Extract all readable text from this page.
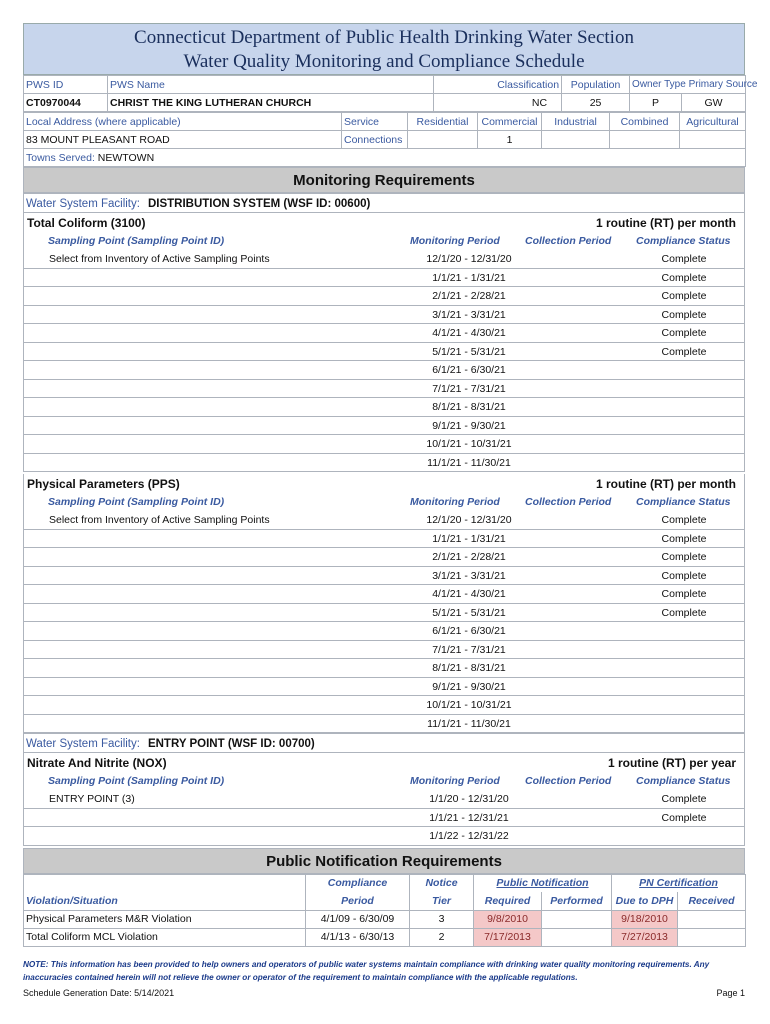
Connecticut Department of Public Health Drinking Water Section
Water Quality Monitoring and Compliance Schedule
PWS ID	PWS Name	Classification	Population	Owner Type Primary Source	
CT0970044	CHRIST THE KING LUTHERAN CHURCH	NC	25	P	GW
Local Address (where applicable)	Service	Residential	Commercial	Industrial	Combined	Agricultural
83 MOUNT PLEASANT ROAD	Connections		1			
Towns Served: NEWTOWN						
Monitoring Requirements
Water System Facility: DISTRIBUTION SYSTEM (WSF ID: 00600)
Total Coliform (3100)	1 routine (RT) per month
Sampling Point (Sampling Point ID)	Monitoring Period Collection Period Compliance Status
Select from Inventory of Active Sampling Points	12/1/20 - 12/31/20	Complete
1/1/21 - 1/31/21	Complete
2/1/21 - 2/28/21	Complete
3/1/21 - 3/31/21	Complete
4/1/21 - 4/30/21	Complete
5/1/21 - 5/31/21	Complete
6/1/21 - 6/30/21
7/1/21 - 7/31/21
8/1/21 - 8/31/21
9/1/21 - 9/30/21
10/1/21 - 10/31/21
11/1/21 - 11/30/21
Physical Parameters (PPS)	1 routine (RT) per month
Sampling Point (Sampling Point ID)	Monitoring Period Collection Period Compliance Status
Select from Inventory of Active Sampling Points	12/1/20 - 12/31/20	Complete
1/1/21 - 1/31/21	Complete
2/1/21 - 2/28/21	Complete
3/1/21 - 3/31/21	Complete
4/1/21 - 4/30/21	Complete
5/1/21 - 5/31/21	Complete
6/1/21 - 6/30/21
7/1/21 - 7/31/21
8/1/21 - 8/31/21
9/1/21 - 9/30/21
10/1/21 - 10/31/21
11/1/21 - 11/30/21
Water System Facility: ENTRY POINT (WSF ID: 00700)
Nitrate And Nitrite (NOX)	1 routine (RT) per year
Sampling Point (Sampling Point ID)	Monitoring Period Collection Period Compliance Status
ENTRY POINT (3)	1/1/20 - 12/31/20	Complete
1/1/21 - 12/31/21	Complete
1/1/22 - 12/31/22
Public Notification Requirements
	Compliance	Notice	Public Notification		PN Certification	
Violation/Situation	Period	Tier	Required	Performed	Due to DPH	Received
Physical Parameters M&R Violation	4/1/09 - 6/30/09	3	9/8/2010		9/18/2010	
Total Coliform MCL Violation	4/1/13 - 6/30/13	2	7/17/2013		7/27/2013	
NOTE: This information has been provided to help owners and operators of public water systems maintain compliance with drinking water quality monitoring requirements. Any inaccuracies contained herein will not relieve the owner or operator of the requirement to maintain compliance with the applicable regulations.
Schedule Generation Date: 5/14/2021	Page 1
